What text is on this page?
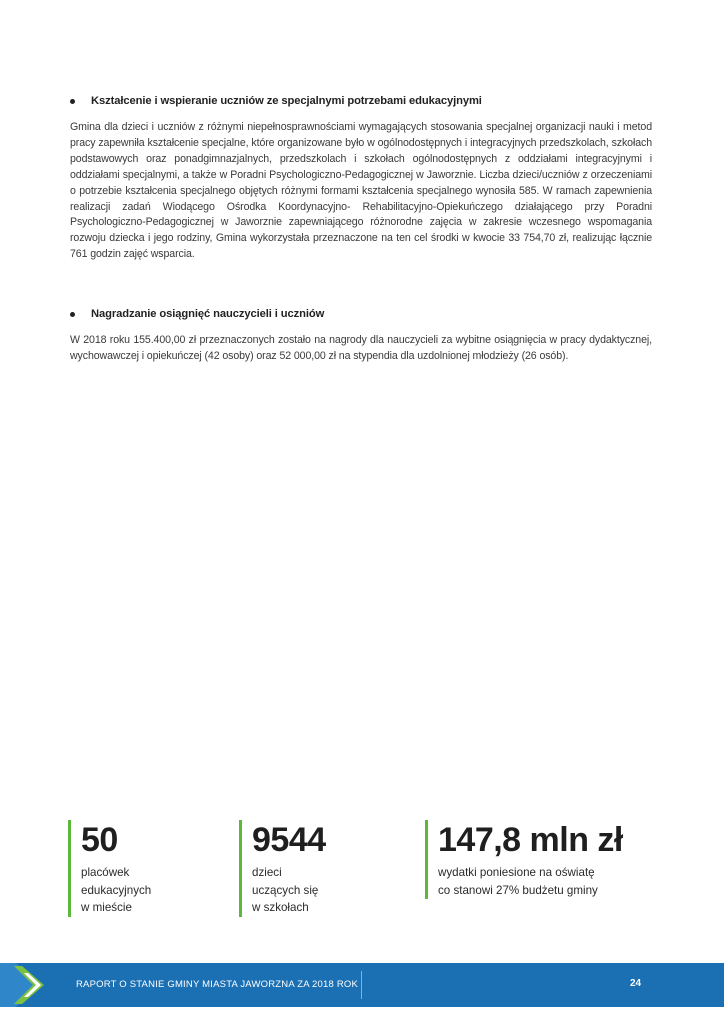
Kształcenie i wspieranie uczniów ze specjalnymi potrzebami edukacyjnymi

Gmina dla dzieci i uczniów z różnymi niepełnosprawnościami wymagających stosowania specjalnej organizacji nauki i metod pracy zapewniła kształcenie specjalne, które organizowane było w ogólnodostępnych i integracyjnych przedszkolach, szkołach podstawowych oraz ponadgimnazjalnych, przedszkolach i szkołach ogólnodostępnych z oddziałami integracyjnymi i oddziałami specjalnymi, a także w Poradni Psychologiczno-Pedagogicznej w Jaworznie. Liczba dzieci/uczniów z orzeczeniami o potrzebie kształcenia specjalnego objętych różnymi formami kształcenia specjalnego wynosiła 585. W ramach zapewnienia realizacji zadań Wiodącego Ośrodka Koordynacyjno- Rehabilitacyjno-Opiekuńczego działającego przy Poradni Psychologiczno-Pedagogicznej w Jaworznie zapewniającego różnorodne zajęcia w zakresie wczesnego wspomagania rozwoju dziecka i jego rodziny, Gmina wykorzystała przeznaczone na ten cel środki w kwocie 33 754,70 zł, realizując łącznie 761 godzin zajęć wsparcia.

Nagradzanie osiągnięć nauczycieli i uczniów

W 2018 roku 155.400,00 zł przeznaczonych zostało na nagrody dla nauczycieli za wybitne osiągnięcia w pracy dydaktycznej, wychowawczej i opiekuńczej (42 osoby) oraz 52 000,00 zł na stypendia dla uzdolnionej młodzieży (26 osób).

50
placówek
edukacyjnych
w mieście
9544
dzieci
uczących się
w szkołach
147,8 mln zł
wydatki poniesione na oświatę
co stanowi 27% budżetu gminy
RAPORT O STANIE GMINY MIASTA JAWORZNA ZA 2018 ROK	24
